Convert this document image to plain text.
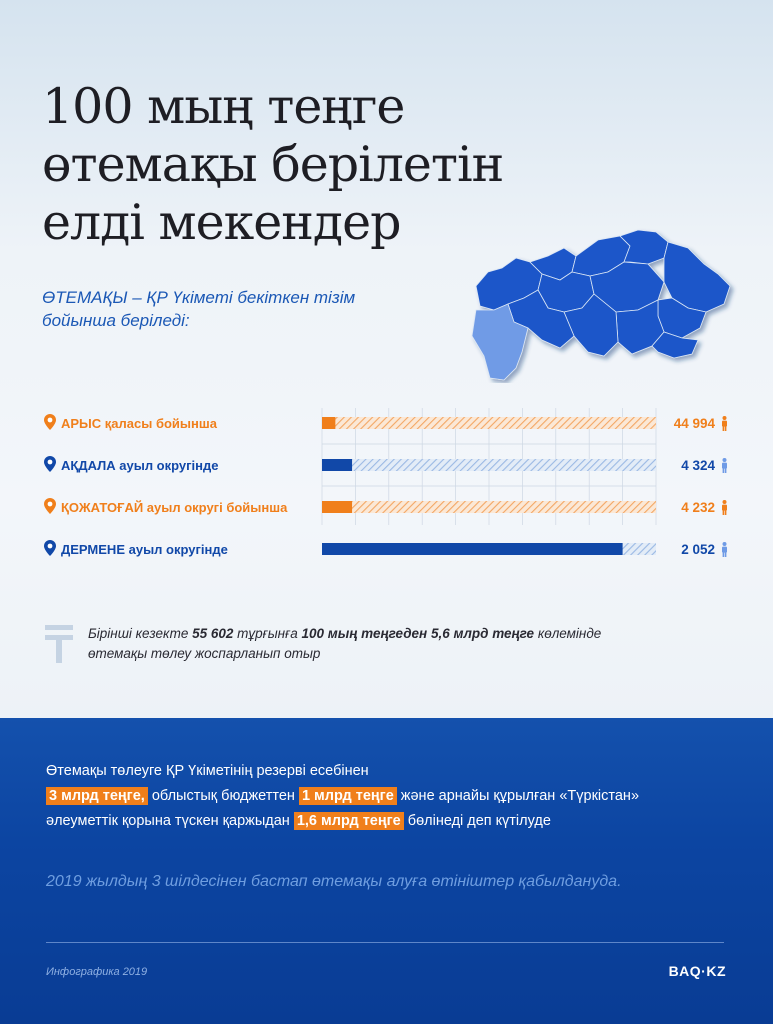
100 мың теңге
өтемақы берілетін
елді мекендер
ӨТЕМАҚЫ – ҚР Үкіметі бекіткен тізім
бойынша беріледі:
АРЫС қаласы бойынша	44 994
АҚДАЛА ауыл округінде	4 324
ҚОЖАТОҒАЙ ауыл округі бойынша	4 232
ДЕРМЕНЕ ауыл округінде	2 052
Бірінші кезекте 55 602 тұрғынға 100 мың теңгеден 5,6 млрд теңге көлемінде
өтемақы төлеу жоспарланып отыр
Өтемақы төлеуге ҚР Үкіметінің резерві есебінен
3 млрд теңге, облыстық бюджеттен 1 млрд теңге және арнайы құрылған «Түркістан»
әлеуметтік қорына түскен қаржыдан 1,6 млрд теңге бөлінеді деп күтілуде
2019 жылдың 3 шілдесінен бастап өтемақы алуға өтініштер қабылдануда.
Инфографика 2019	BAQ·KZ
